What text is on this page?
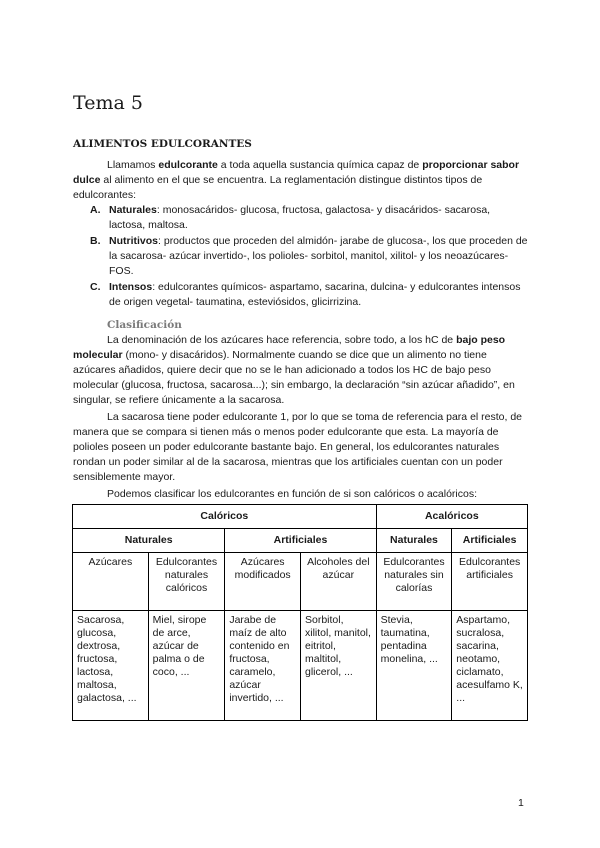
Tema 5
ALIMENTOS EDULCORANTES

Llamamos edulcorante a toda aquella sustancia química capaz de proporcionar sabor dulce al alimento en el que se encuentra. La reglamentación distingue distintos tipos de edulcorantes:

A. Naturales: monosacáridos- glucosa, fructosa, galactosa- y disacáridos- sacarosa, lactosa, maltosa.
B. Nutritivos: productos que proceden del almidón- jarabe de glucosa-, los que proceden de la sacarosa- azúcar invertido-, los polioles- sorbitol, manitol, xilitol- y los neoazúcares- FOS.
C. Intensos: edulcorantes químicos- aspartamo, sacarina, dulcina- y edulcorantes intensos de origen vegetal- taumatina, esteviósidos, glicirrizina.
Clasificación

La denominación de los azúcares hace referencia, sobre todo, a los hC de bajo peso molecular (mono- y disacáridos). Normalmente cuando se dice que un alimento no tiene azúcares añadidos, quiere decir que no se le han adicionado a todos los HC de bajo peso molecular (glucosa, fructosa, sacarosa...); sin embargo, la declaración “sin azúcar añadido”, en singular, se refiere únicamente a la sacarosa.

La sacarosa tiene poder edulcorante 1, por lo que se toma de referencia para el resto, de manera que se compara si tienen más o menos poder edulcorante que esta. La mayoría de polioles poseen un poder edulcorante bastante bajo. En general, los edulcorantes naturales rondan un poder similar al de la sacarosa, mientras que los artificiales cuentan con un poder sensiblemente mayor.

Podemos clasificar los edulcorantes en función de si son calóricos o acalóricos:

Calóricos				Acalóricos	
Naturales		Artificiales		Naturales	Artificiales
Azúcares	Edulcorantes naturales calóricos	Azúcares modificados	Alcoholes del azúcar	Edulcorantes naturales sin calorías	Edulcorantes artificiales
Sacarosa, glucosa, dextrosa, fructosa, lactosa, maltosa, galactosa, ...	Miel, sirope de arce, azúcar de palma o de coco, ...	Jarabe de maíz de alto contenido en fructosa, caramelo, azúcar invertido, ...	Sorbitol, xilitol, manitol, eitritol, maltitol, glicerol, ...	Stevia, taumatina, pentadina monelina, ...	Aspartamo, sucralosa, sacarina, neotamo, ciclamato, acesulfamo K, ...
1
